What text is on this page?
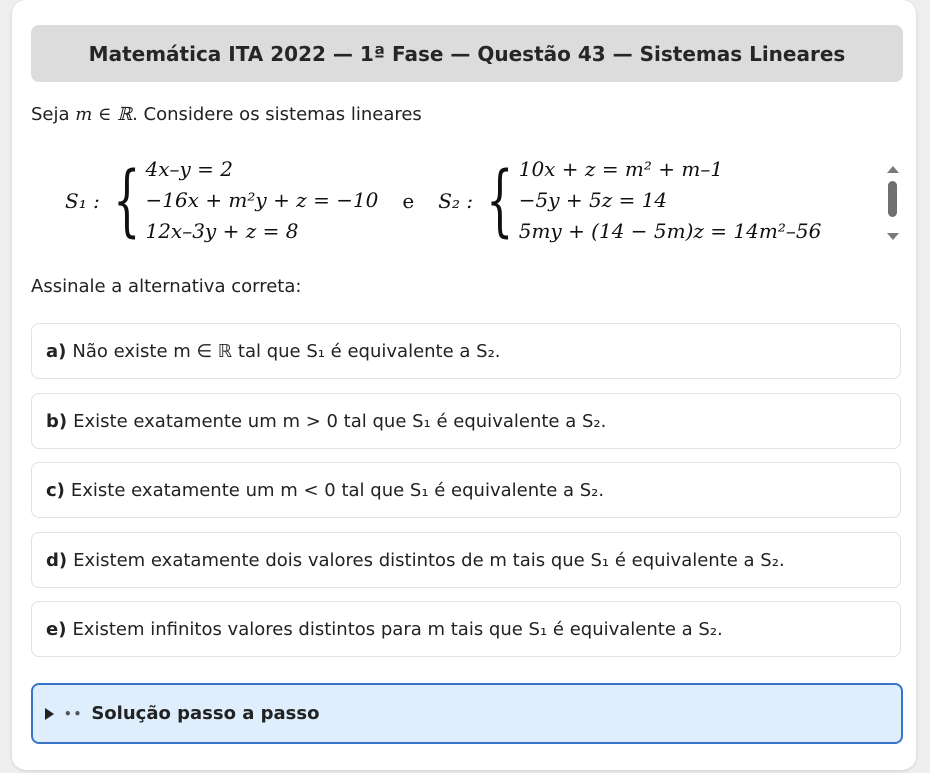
Matemática ITA 2022 — 1ª Fase — Questão 43 — Sistemas Lineares
Seja m ∈ ℝ. Considere os sistemas lineares
S₁ : { 4x–y = 2
−16x + m²y + z = −10
12x–3y + z = 8
e S₂ : { 10x + z = m² + m–1
−5y + 5z = 14
5my + (14 − 5m)z = 14m²–56
Assinale a alternativa correta:
a) Não existe m ∈ ℝ tal que S₁ é equivalente a S₂.
b) Existe exatamente um m > 0 tal que S₁ é equivalente a S₂.
c) Existe exatamente um m < 0 tal que S₁ é equivalente a S₂.
d) Existem exatamente dois valores distintos de m tais que S₁ é equivalente a S₂.
e) Existem infinitos valores distintos para m tais que S₁ é equivalente a S₂.
•• Solução passo a passo
